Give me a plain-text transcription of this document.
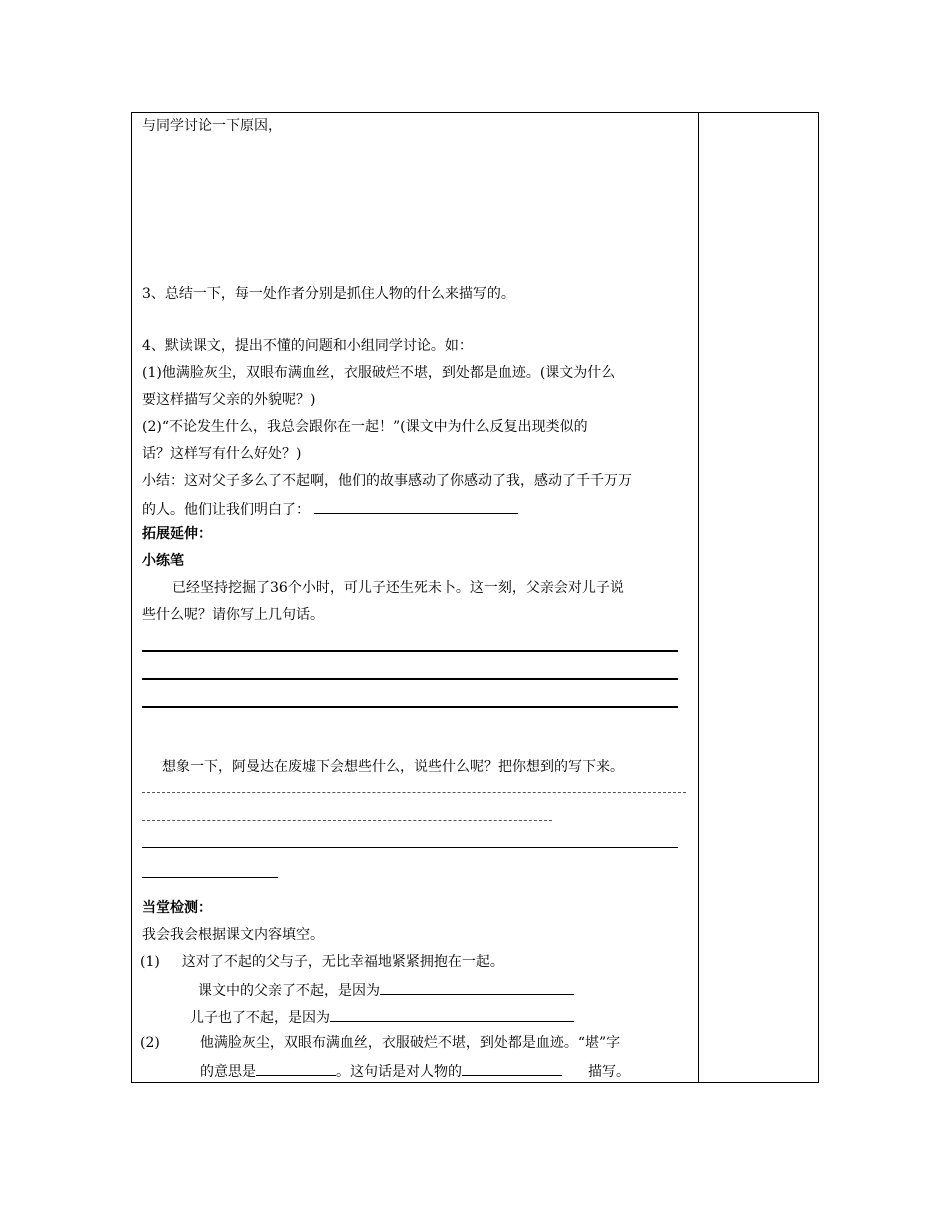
与同学讨论一下原因，
3、总结一下，每一处作者分别是抓住人物的什么来描写的。
4、默读课文，提出不懂的问题和小组同学讨论。如：
(1)他满脸灰尘，双眼布满血丝，衣服破烂不堪，到处都是血迹。(课文为什么
要这样描写父亲的外貌呢？)
(2)“不论发生什么，我总会跟你在一起！”(课文中为什么反复出现类似的
话？这样写有什么好处？)
小结：这对父子多么了不起啊，他们的故事感动了你感动了我，感动了千千万万
的人。他们让我们明白了：
拓展延伸：
小练笔
已经坚持挖掘了36个小时，可儿子还生死未卜。这一刻，父亲会对儿子说
些什么呢？请你写上几句话。
想象一下，阿曼达在废墟下会想些什么，说些什么呢？把你想到的写下来。
当堂检测：
我会我会根据课文内容填空。
(1) 这对了不起的父与子，无比幸福地紧紧拥抱在一起。
课文中的父亲了不起，是因为
儿子也了不起，是因为
(2)	他满脸灰尘，双眼布满血丝，衣服破烂不堪，到处都是血迹。“堪”字
的意思是	。这句话是对人物的	描写。
